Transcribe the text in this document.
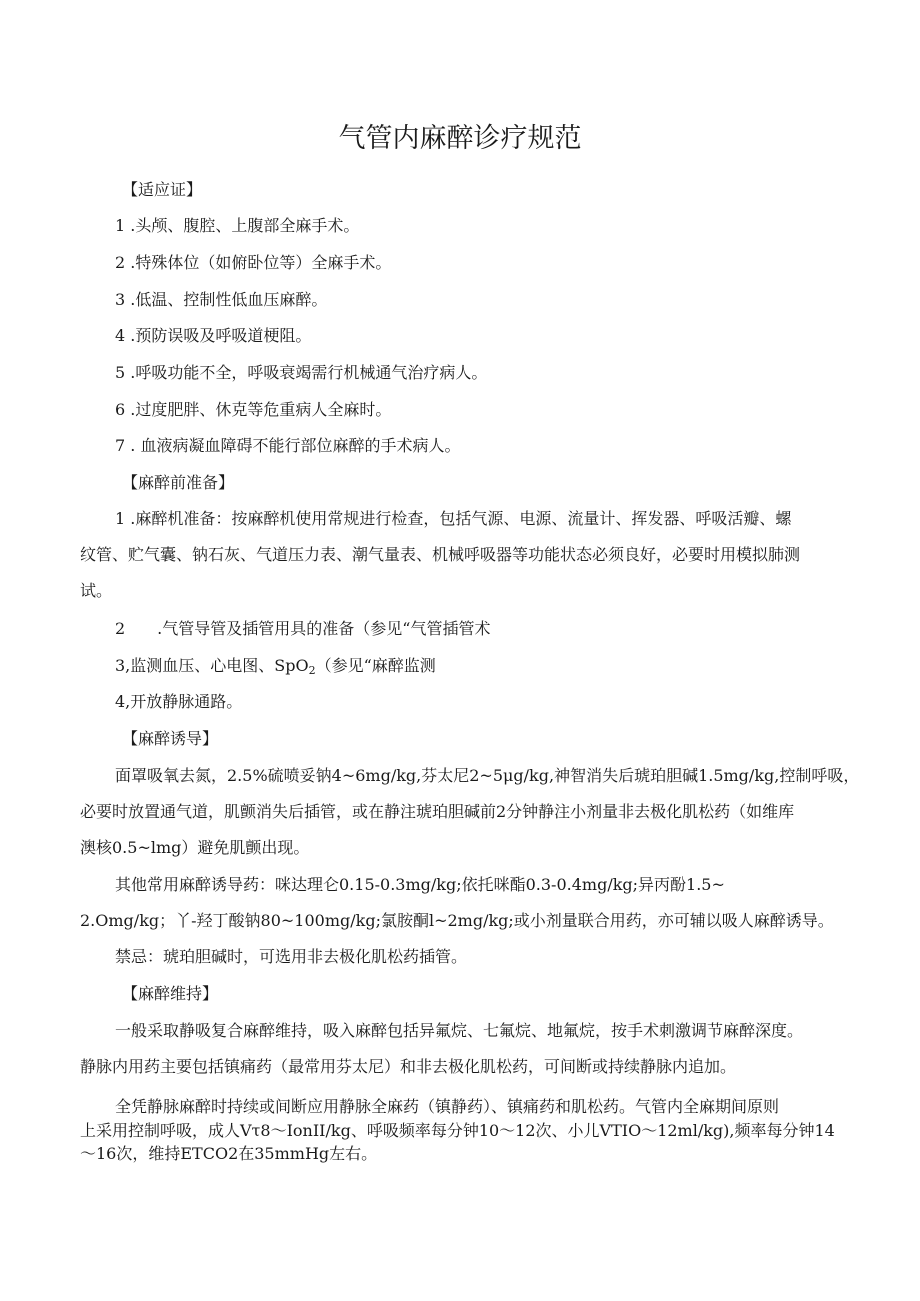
气管内麻醉诊疗规范
【适应证】
1 .头颅、腹腔、上腹部全麻手术。
2 .特殊体位（如俯卧位等）全麻手术。
3 .低温、控制性低血压麻醉。
4 .预防误吸及呼吸道梗阻。
5 .呼吸功能不全，呼吸衰竭需行机械通气治疗病人。
6 .过度肥胖、休克等危重病人全麻时。
7 . 血液病凝血障碍不能行部位麻醉的手术病人。
【麻醉前准备】
1 .麻醉机准备：按麻醉机使用常规进行检查，包括气源、电源、流量计、挥发器、呼吸活瓣、螺
纹管、贮气囊、钠石灰、气道压力表、潮气量表、机械呼吸器等功能状态必须良好，必要时用模拟肺测
试。
2　　.气管导管及插管用具的准备（参见“气管插管术
3,监测血压、心电图、SpO$_2$（参见“麻醉监测
4,开放静脉通路。
【麻醉诱导】
面罩吸氧去氮，2.5%硫喷妥钠4~6mg/kg,芬太尼2~5μg/kg,神智消失后琥珀胆碱1.5mg/kg,控制呼吸，
必要时放置通气道，肌颤消失后插管，或在静注琥珀胆碱前2分钟静注小剂量非去极化肌松药（如维库
澳核0.5~lmg）避免肌颤出现。
其他常用麻醉诱导药：咪达理仑0.15-0.3mg/kg;依托咪酯0.3-0.4mg/kg;异丙酚1.5~
2.Omg/kg；丫-羟丁酸钠80~100mg/kg;氯胺酮l~2mg/kg;或小剂量联合用药，亦可辅以吸人麻醉诱导。
禁忌：琥珀胆碱时，可选用非去极化肌松药插管。
【麻醉维持】
一般采取静吸复合麻醉维持，吸入麻醉包括异氟烷、七氟烷、地氟烷，按手术刺激调节麻醉深度。
静脉内用药主要包括镇痛药（最常用芬太尼）和非去极化肌松药，可间断或持续静脉内追加。
全凭静脉麻醉时持续或间断应用静脉全麻药（镇静药）、镇痛药和肌松药。气管内全麻期间原则
上采用控制呼吸，成人Vτ8～IonII/kg、呼吸频率每分钟10～12次、小儿VTIO～12ml/kg),频率每分钟14
～16次，维持ETCO2在35mmHg左右。
